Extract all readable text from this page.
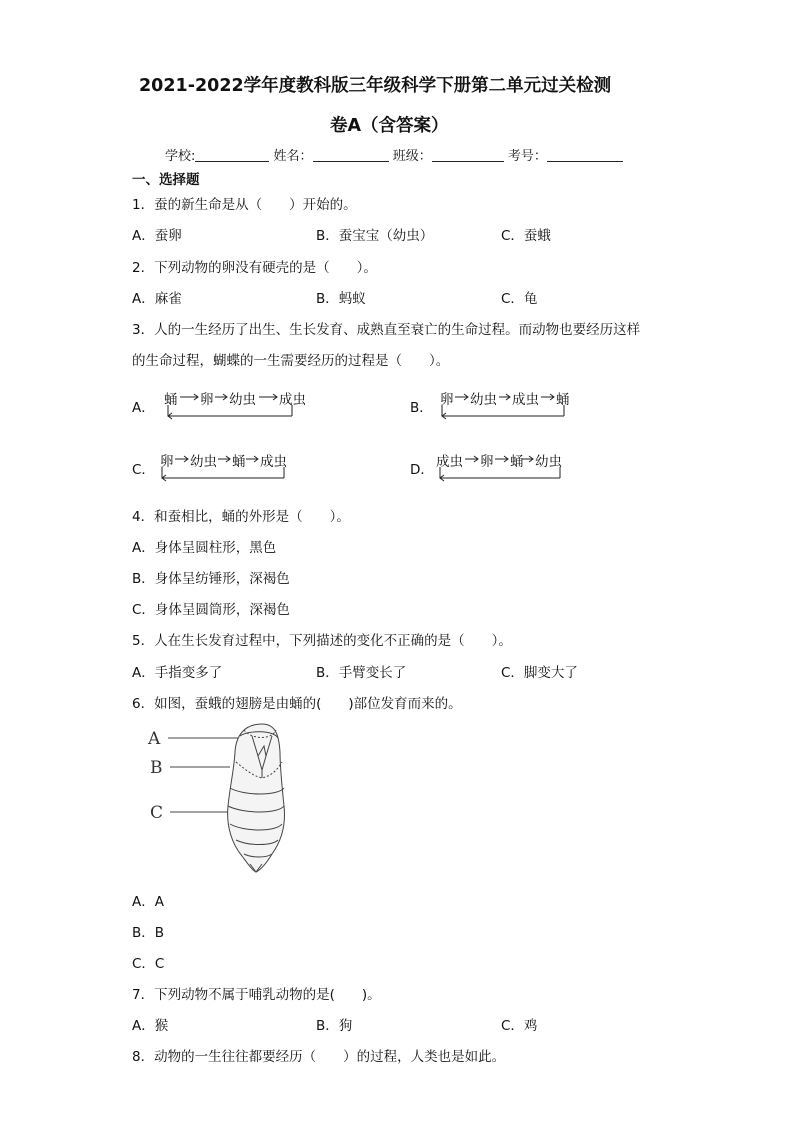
2021-2022学年度教科版三年级科学下册第二单元过关检测
卷A（含答案）
学校:	姓名：	班级：	考号：
一、选择题
1．蚕的新生命是从（　　）开始的。
A．蚕卵	B．蚕宝宝（幼虫）	C．蚕蛾
2．下列动物的卵没有硬壳的是（　　）。
A．麻雀	B．蚂蚁	C．龟
3．人的一生经历了出生、生长发育、成熟直至衰亡的生命过程。而动物也要经历这样
的生命过程，蝴蝶的一生需要经历的过程是（　　）。
A． 蛹 卵 幼虫 成虫	B． 卵 幼虫 成虫 蛹
C． 卵 幼虫 蛹 成虫	D． 成虫 卵 蛹 幼虫
4．和蚕相比，蛹的外形是（　　）。
A．身体呈圆柱形，黑色
B．身体呈纺锤形，深褐色
C．身体呈圆筒形，深褐色
5．人在生长发育过程中，下列描述的变化不正确的是（　　）。
A．手指变多了	B．手臂变长了	C．脚变大了
6．如图，蚕蛾的翅膀是由蛹的(　　)部位发育而来的。
A
B
C
A．A
B．B
C．C
7．下列动物不属于哺乳动物的是(　　)。
A．猴	B．狗	C．鸡
8．动物的一生往往都要经历（　　）的过程，人类也是如此。
